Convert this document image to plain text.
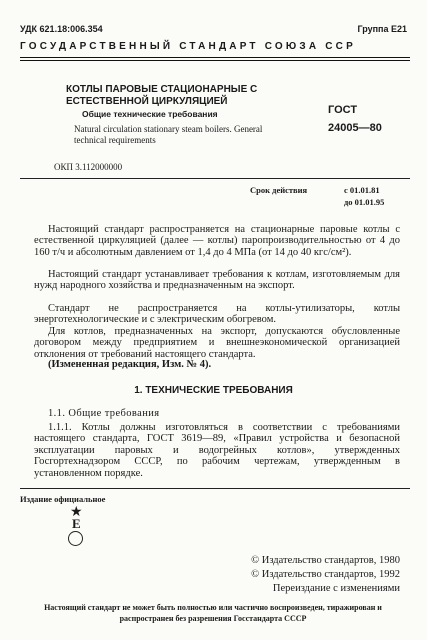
УДК 621.18:006.354	Группа Е21
ГОСУДАРСТВЕННЫЙ СТАНДАРТ СОЮЗА ССР
КОТЛЫ ПАРОВЫЕ СТАЦИОНАРНЫЕ С ЕСТЕСТВЕННОЙ ЦИРКУЛЯЦИЕЙ
Общие технические требования
Natural circulation stationary steam boilers. General technical requirements
ГОСТ
24005—80
ОКП 3.112000000
Срок действия	с 01.01.81
до 01.01.95

Настоящий стандарт распространяется на стационарные паровые котлы с естественной циркуляцией (далее — котлы) паропроизводительностью от 4 до 160 т/ч и абсолютным давлением от 1,4 до 4 МПа (от 14 до 40 кгс/см²).

Настоящий стандарт устанавливает требования к котлам, изготовляемым для нужд народного хозяйства и предназначенным на экспорт.

Стандарт не распространяется на котлы-утилизаторы, котлы энерготехнологические и с электрическим обогревом.

Для котлов, предназначенных на экспорт, допускаются обусловленные договором между предприятием и внешнеэкономической организацией отклонения от требований настоящего стандарта.

(Измененная редакция, Изм. № 4).

1. ТЕХНИЧЕСКИЕ ТРЕБОВАНИЯ
1.1. Общие требования

1.1.1. Котлы должны изготовляться в соответствии с требованиями настоящего стандарта, ГОСТ 3619—89, «Правил устройства и безопасной эксплуатации паровых и водогрейных котлов», утвержденных Госгортехнадзором СССР, по рабочим чертежам, утвержденным в установленном порядке.

Издание официальное
★
Е
© Издательство стандартов, 1980
© Издательство стандартов, 1992
Переиздание с изменениями
Настоящий стандарт не может быть полностью или частично воспроизведен, тиражирован и распространен без разрешения Госстандарта СССР
